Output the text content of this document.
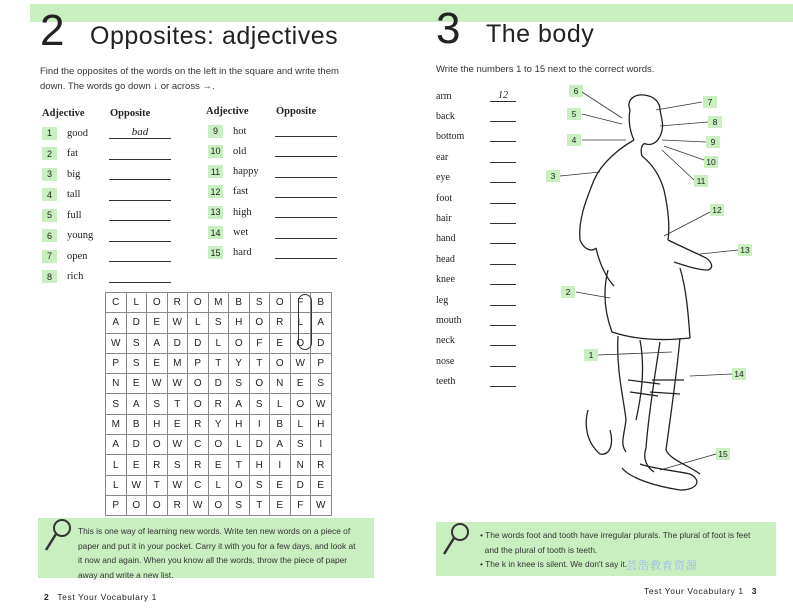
2 Opposites: adjectives
Find the opposites of the words on the left in the square and write them
down. The words go down ↓ or across →.
Adjective Opposite	Adjective	Opposite
1	good	bad
2	fat
3	big
4	tall
5	full
6	young
7	open
8	rich
9	hot
10 old
11 happy
12 fast
13 high
14 wet
15 hard
C	L	O	R	O	M	B	S	O	F	B
A	D	E	W	L	S	H	O	R	L	A
W	S	A	D	D	L	O	F	E	O	D
P	S	E	M	P	T	Y	T	O	W	P
N	E	W	W	O	D	S	O	N	E	S
S	A	S	T	O	R	A	S	L	O	W
M	B	H	E	R	Y	H	I	B	L	H
A	D	O	W	C	O	L	D	A	S	I
L	E	R	S	R	E	T	H	I	N	R
L	W	T	W	C	L	O	S	E	D	E
P	O	O	R	W	O	S	T	E	F	W
This is one way of learning new words. Write ten new words on a piece of
paper and put it in your pocket. Carry it with you for a few days, and look at
it now and again. When you know all the words, throw the piece of paper
away and write a new list.
2 Test Your Vocabulary 1
3 The body
Write the numbers 1 to 15 next to the correct words.
arm	12
back
bottom
ear
eye
foot
hair
hand
head
knee
leg
mouth
neck
nose
teeth
1
2
3
4
5
6
7
8
9
10
11
12
13
14
15
• The words foot and tooth have irregular plurals. The plural of foot is feet
and the plural of tooth is teeth.
• The k in knee is silent. We don't say it.
Test Your Vocabulary 1 3
芸浩教育资源
